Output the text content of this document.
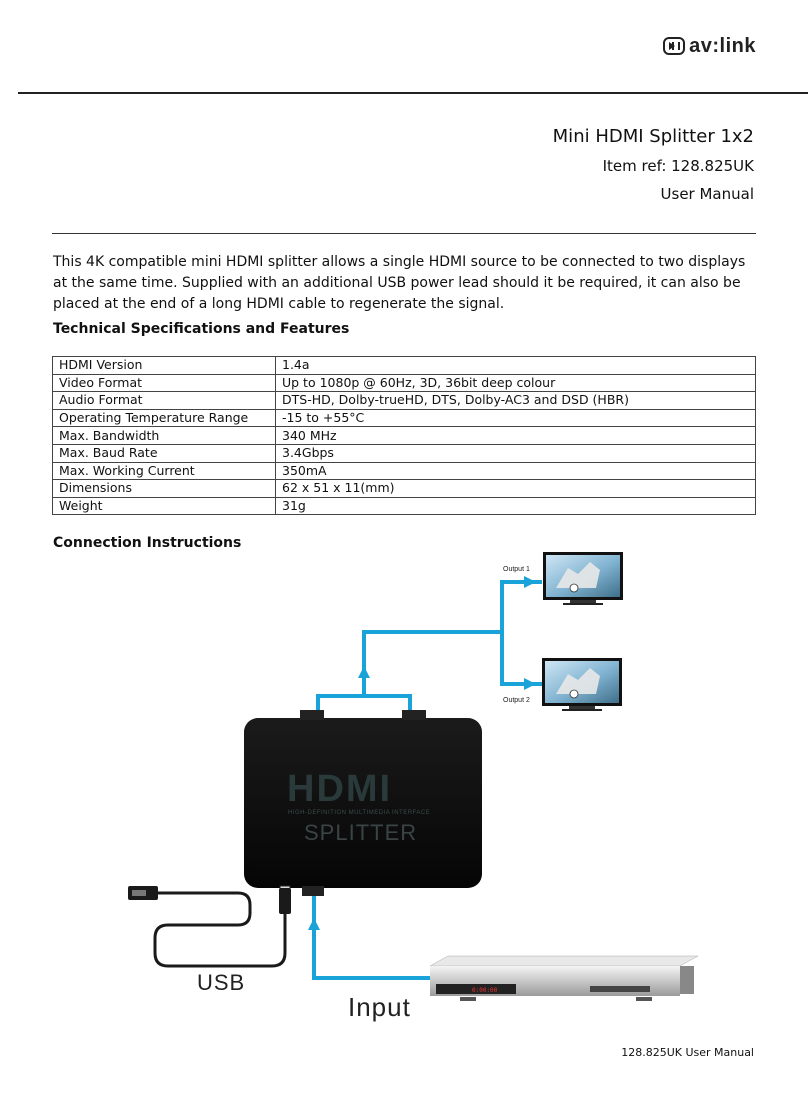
av:link
Mini HDMI Splitter 1x2
Item ref: 128.825UK
User Manual

This 4K compatible mini HDMI splitter allows a single HDMI source to be connected to two displays at the same time. Supplied with an additional USB power lead should it be required, it can also be placed at the end of a long HDMI cable to regenerate the signal.

Technical Specifications and Features
HDMI Version	1.4a
Video Format	Up to 1080p @ 60Hz, 3D, 36bit deep colour
Audio Format	DTS-HD, Dolby-trueHD, DTS, Dolby-AC3 and DSD (HBR)
Operating Temperature Range	-15 to +55°C
Max. Bandwidth	340 MHz
Max. Baud Rate	3.4Gbps
Max. Working Current	350mA
Dimensions	62 x 51 x 11(mm)
Weight	31g
Connection Instructions
Output 1
Output 2
HDMI
HIGH-DEFINITION MULTIMEDIA INTERFACE
SPLITTER
USB	0:00:00
Input
128.825UK User Manual
